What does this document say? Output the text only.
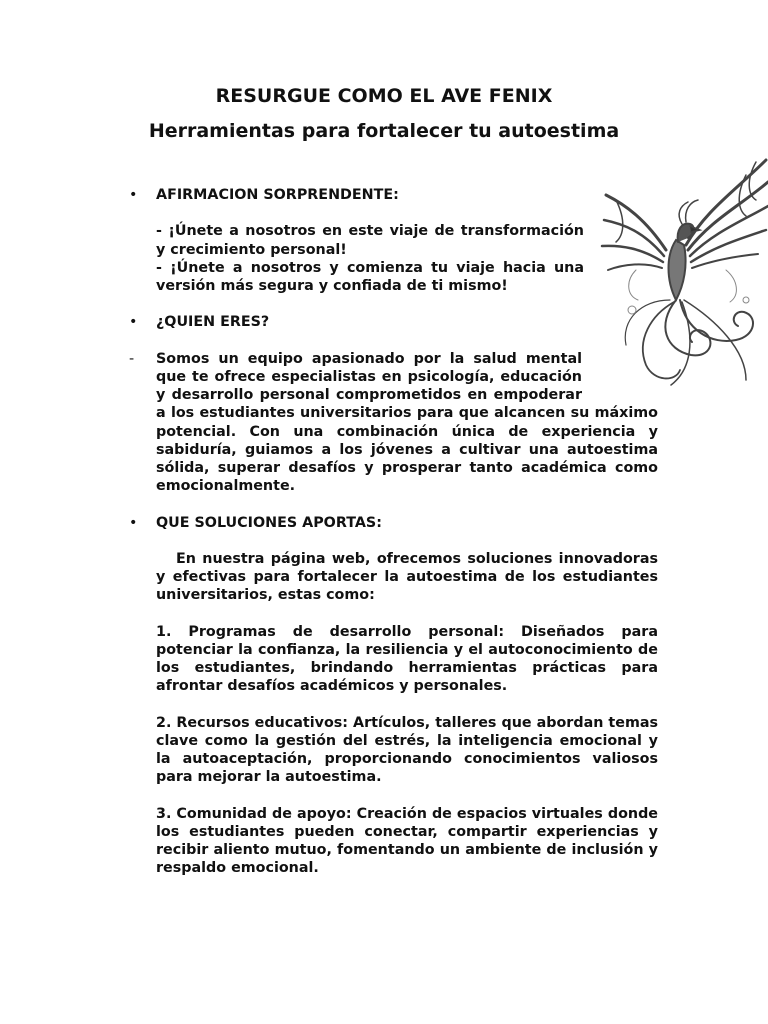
RESURGUE COMO EL AVE FENIX
Herramientas para fortalecer tu autoestima
• AFIRMACION SORPRENDENTE:

- ¡Únete a nosotros en este viaje de transformación y crecimiento personal!

- ¡Únete a nosotros y comienza tu viaje hacia una versión más segura y confiada de ti mismo!

• ¿QUIEN ERES?

- Somos un equipo apasionado por la salud mental que te ofrece especialistas en psicología, educación y desarrollo personal comprometidos en empoderar a los estudiantes universitarios para que alcancen su máximo potencial. Con una combinación única de experiencia y sabiduría, guiamos a los jóvenes a cultivar una autoestima sólida, superar desafíos y prosperar tanto académica como emocionalmente.

• QUE SOLUCIONES APORTAS:

En nuestra página web, ofrecemos soluciones innovadoras y efectivas para fortalecer la autoestima de los estudiantes universitarios, estas como:

1. Programas de desarrollo personal: Diseñados para potenciar la confianza, la resiliencia y el autoconocimiento de los estudiantes, brindando herramientas prácticas para afrontar desafíos académicos y personales.

2. Recursos educativos: Artículos, talleres que abordan temas clave como la gestión del estrés, la inteligencia emocional y la autoaceptación, proporcionando conocimientos valiosos para mejorar la autoestima.

3. Comunidad de apoyo: Creación de espacios virtuales donde los estudiantes pueden conectar, compartir experiencias y recibir aliento mutuo, fomentando un ambiente de inclusión y respaldo emocional.
